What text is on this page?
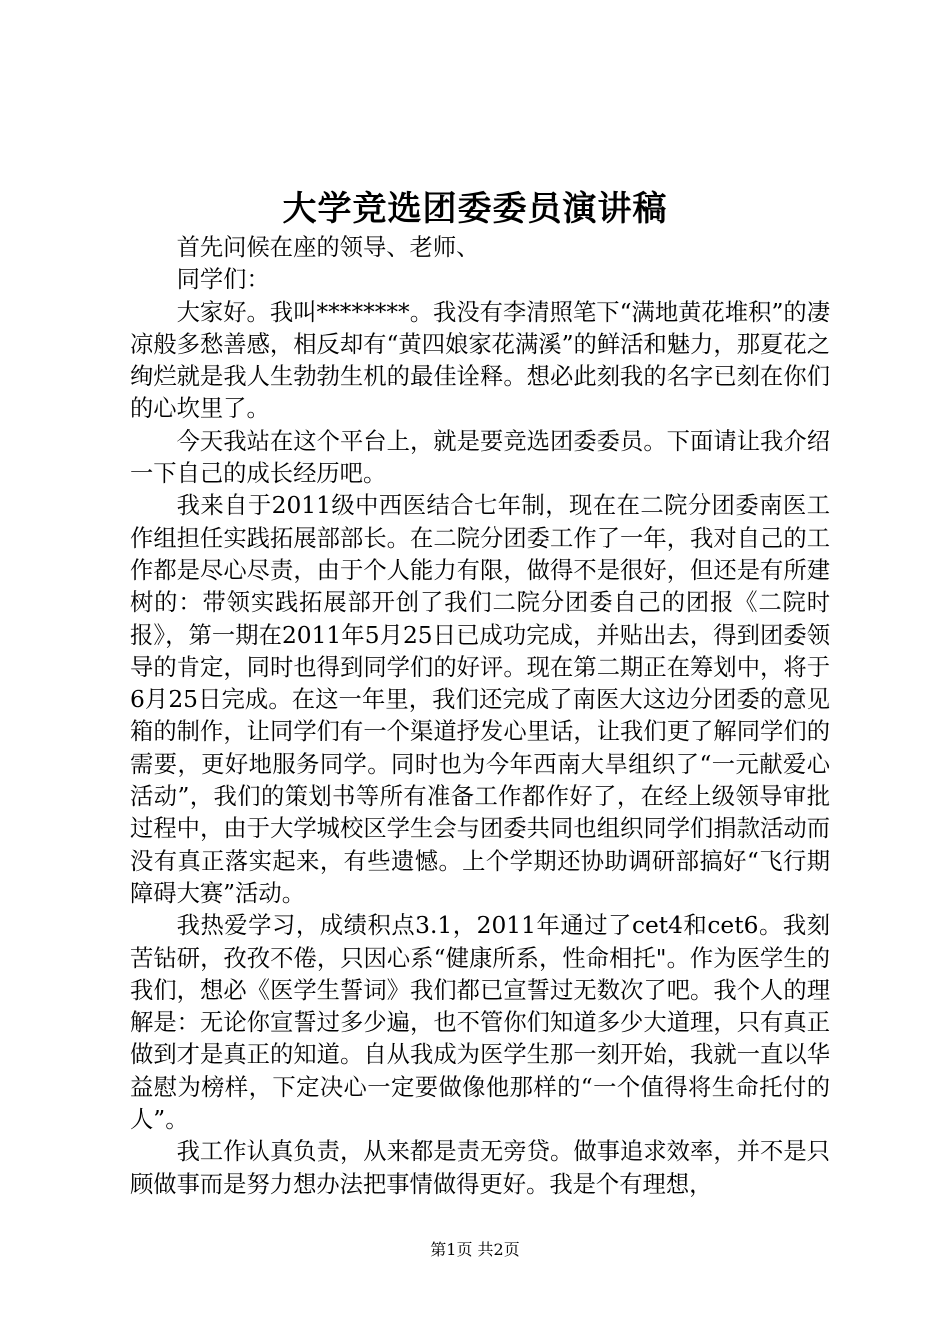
大学竞选团委委员演讲稿

首先问候在座的领导、老师、

同学们：

大家好。我叫********。我没有李清照笔下“满地黄花堆积”的凄凉般多愁善感，相反却有“黄四娘家花满溪”的鲜活和魅力，那夏花之绚烂就是我人生勃勃生机的最佳诠释。想必此刻我的名字已刻在你们的心坎里了。

今天我站在这个平台上，就是要竞选团委委员。下面请让我介绍一下自己的成长经历吧。

我来自于2011级中西医结合七年制，现在在二院分团委南医工作组担任实践拓展部部长。在二院分团委工作了一年，我对自己的工作都是尽心尽责，由于个人能力有限，做得不是很好，但还是有所建树的：带领实践拓展部开创了我们二院分团委自己的团报《二院时报》，第一期在2011年5月25日已成功完成，并贴出去，得到团委领导的肯定，同时也得到同学们的好评。现在第二期正在筹划中，将于6月25日完成。在这一年里，我们还完成了南医大这边分团委的意见箱的制作，让同学们有一个渠道抒发心里话，让我们更了解同学们的需要，更好地服务同学。同时也为今年西南大旱组织了“一元献爱心活动”，我们的策划书等所有准备工作都作好了，在经上级领导审批过程中，由于大学城校区学生会与团委共同也组织同学们捐款活动而没有真正落实起来，有些遗憾。上个学期还协助调研部搞好“飞行期障碍大赛”活动。

我热爱学习，成绩积点3.1，2011年通过了cet4和cet6。我刻苦钻研，孜孜不倦，只因心系“健康所系，性命相托"。作为医学生的我们，想必《医学生誓词》我们都已宣誓过无数次了吧。我个人的理解是：无论你宣誓过多少遍，也不管你们知道多少大道理，只有真正做到才是真正的知道。自从我成为医学生那一刻开始，我就一直以华益慰为榜样，下定决心一定要做像他那样的“一个值得将生命托付的人”。

我工作认真负责，从来都是责无旁贷。做事追求效率，并不是只顾做事而是努力想办法把事情做得更好。我是个有理想，

第1页 共2页
